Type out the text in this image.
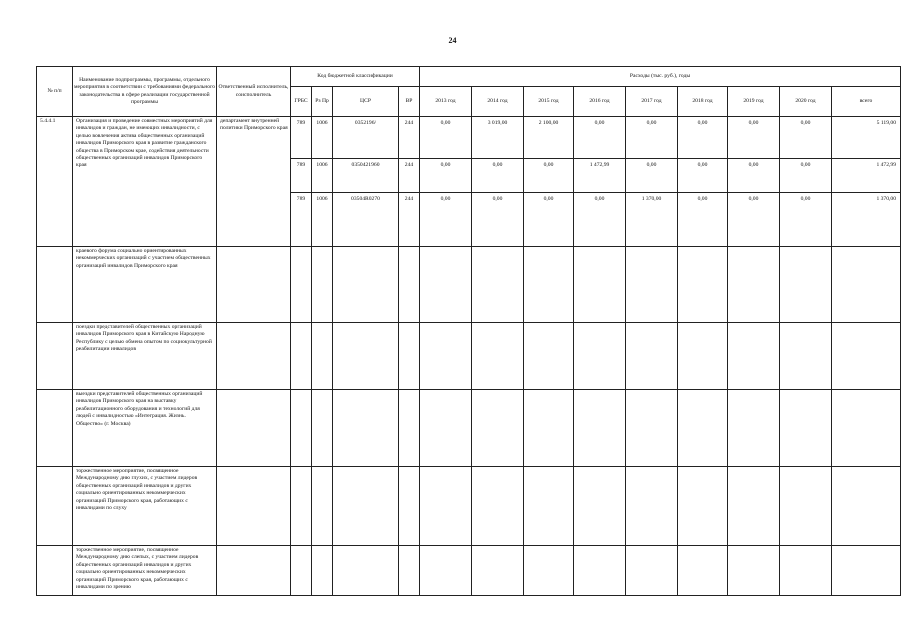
24
№ п/п	Наименование подпрограммы, программы, отдельного мероприятия в соответствии с требованиями федерального законодательства в сфере реализации государственной программы	Ответственный исполнитель, соисполнитель	Код бюджетной классификации				Расходы (тыс. руб.), годы								
			ГРБС	Рз Пр	ЦСР	ВР	2013 год	2014 год	2015 год	2016 год	2017 год	2018 год	2019 год	2020 год	всего
5.4.4.1	Организация и проведение совместных мероприятий для инвалидов и граждан, не имеющих инвалидности, с целью вовлечения актива общественных организаций инвалидов Приморского края в развитие гражданского общества в Приморском крае, содействия деятельности общественных организаций инвалидов Приморского края	департамент внутренней политики Приморского края	789	1006	0352196/	244	0,00	3 019,00	2 100,00	0,00	0,00	0,00	0,00	0,00	5 119,00
			789	1006	0350421960	244	0,00	0,00	0,00	1 472,99	0,00	0,00	0,00	0,00	1 472,99
			789	1006	03504R0270	244	0,00	0,00	0,00	0,00	1 370,00	0,00	0,00	0,00	1 370,00
	краевого форума социально ориентированных некоммерческих организаций с участием общественных организаций инвалидов Приморского края														
	поездки представителей общественных организаций инвалидов Приморского края в Китайскую Народную Республику с целью обмена опытом по социокультурной реабилитации инвалидов														
	выездки представителей общественных организаций инвалидов Приморского края на выставку реабилитационного оборудования и технологий для людей с инвалидностью «Интеграция. Жизнь. Общество» (г. Москва)														
	торжественное мероприятие, посвященное Международному дню глухих, с участием лидеров общественных организаций инвалидов и других социально ориентированных некоммерческих организаций Приморского края, работающих с инвалидами по слуху														
	торжественное мероприятие, посвященное Международному дню слепых, с участием лидеров общественных организаций инвалидов и других социально ориентированных некоммерческих организаций Приморского края, работающих с инвалидами по зрению														
